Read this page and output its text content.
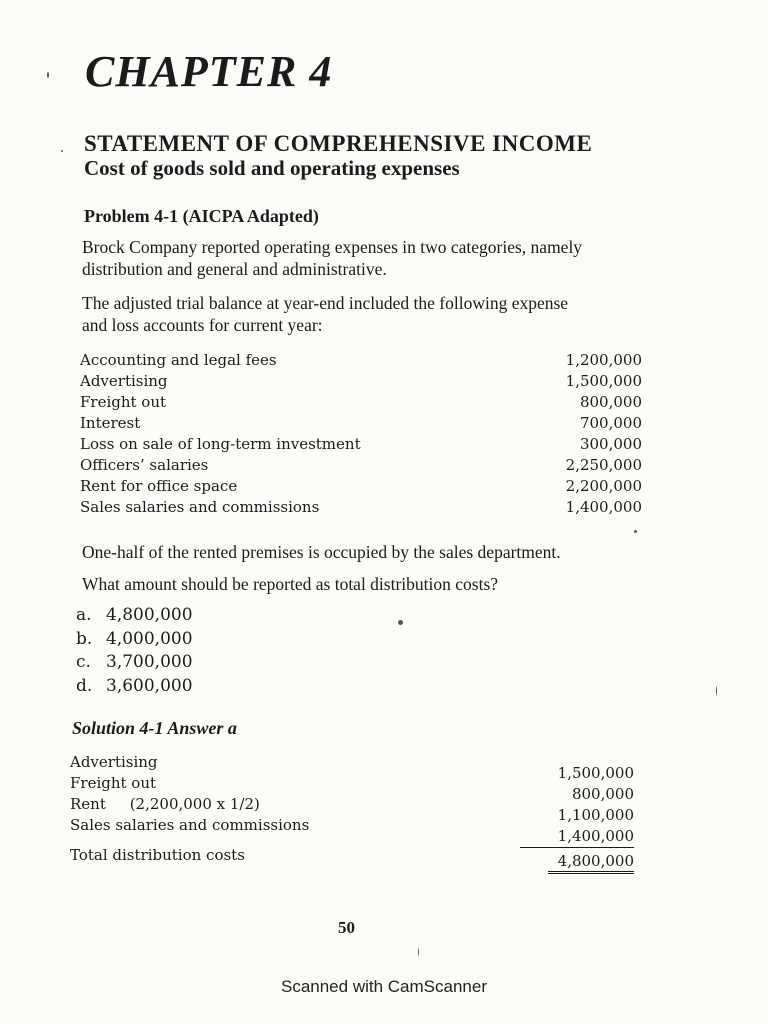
CHAPTER 4
STATEMENT OF COMPREHENSIVE INCOME
Cost of goods sold and operating expenses
Problem 4-1 (AICPA Adapted)
Brock Company reported operating expenses in two categories, namely
distribution and general and administrative.
The adjusted trial balance at year-end included the following expense
and loss accounts for current year:
Accounting and legal fees
Advertising
Freight out
Interest
Loss on sale of long-term investment
Officers’ salaries
Rent for office space
Sales salaries and commissions
1,200,000
1,500,000
800,000
700,000
300,000
2,250,000
2,200,000
1,400,000
One-half of the rented premises is occupied by the sales department.
What amount should be reported as total distribution costs?
a. 4,800,000
b. 4,000,000
c. 3,700,000
d. 3,600,000
Solution 4-1 Answer a
Advertising
Freight out
Rent     (2,200,000 x 1/2)
Sales salaries and commissions
1,500,000
800,000
1,100,000
1,400,000
Total distribution costs	4,800,000
50
Scanned with CamScanner
